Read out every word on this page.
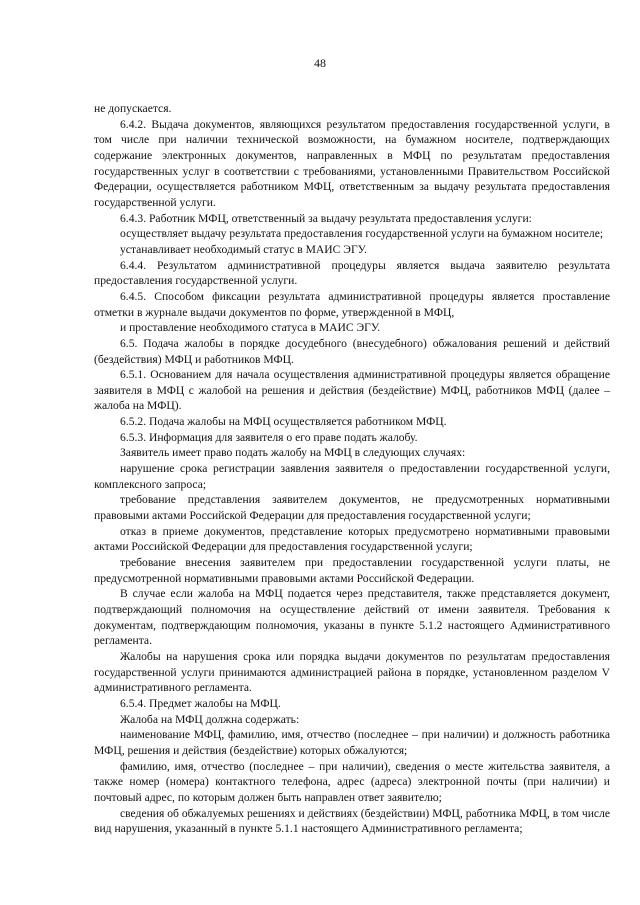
48

не допускается.

6.4.2. Выдача документов, являющихся результатом предоставления государственной услуги, в том числе при наличии технической возможности, на бумажном носителе, подтверждающих содержание электронных документов, направленных в МФЦ по результатам предоставления государственных услуг в соответствии с требованиями, установленными Правительством Российской Федерации, осуществляется работником МФЦ, ответственным за выдачу результата предоставления государственной услуги.

6.4.3. Работник МФЦ, ответственный за выдачу результата предоставления услуги:

осуществляет выдачу результата предоставления государственной услуги на бумажном носителе;

устанавливает необходимый статус в МАИС ЭГУ.

6.4.4. Результатом административной процедуры является выдача заявителю результата предоставления государственной услуги.

6.4.5. Способом фиксации результата административной процедуры является проставление отметки в журнале выдачи документов по форме, утвержденной в МФЦ,

и проставление необходимого статуса в МАИС ЭГУ.

6.5. Подача жалобы в порядке досудебного (внесудебного) обжалования решений и действий (бездействия) МФЦ и работников МФЦ.

6.5.1. Основанием для начала осуществления административной процедуры является обращение заявителя в МФЦ с жалобой на решения и действия (бездействие) МФЦ, работников МФЦ (далее – жалоба на МФЦ).

6.5.2. Подача жалобы на МФЦ осуществляется работником МФЦ.

6.5.3. Информация для заявителя о его праве подать жалобу.

Заявитель имеет право подать жалобу на МФЦ в следующих случаях:

нарушение срока регистрации заявления заявителя о предоставлении государственной услуги, комплексного запроса;

требование представления заявителем документов, не предусмотренных нормативными правовыми актами Российской Федерации для предоставления государственной услуги;

отказ в приеме документов, представление которых предусмотрено нормативными правовыми актами Российской Федерации для предоставления государственной услуги;

требование внесения заявителем при предоставлении государственной услуги платы, не предусмотренной нормативными правовыми актами Российской Федерации.

В случае если жалоба на МФЦ подается через представителя, также представляется документ, подтверждающий полномочия на осуществление действий от имени заявителя. Требования к документам, подтверждающим полномочия, указаны в пункте 5.1.2 настоящего Административного регламента.

Жалобы на нарушения срока или порядка выдачи документов по результатам предоставления государственной услуги принимаются администрацией района в порядке, установленном разделом V административного регламента.

6.5.4. Предмет жалобы на МФЦ.

Жалоба на МФЦ должна содержать:

наименование МФЦ, фамилию, имя, отчество (последнее – при наличии) и должность работника МФЦ, решения и действия (бездействие) которых обжалуются;

фамилию, имя, отчество (последнее – при наличии), сведения о месте жительства заявителя, а также номер (номера) контактного телефона, адрес (адреса) электронной почты (при наличии) и почтовый адрес, по которым должен быть направлен ответ заявителю;

сведения об обжалуемых решениях и действиях (бездействии) МФЦ, работника МФЦ, в том числе вид нарушения, указанный в пункте 5.1.1 настоящего Административного регламента;
